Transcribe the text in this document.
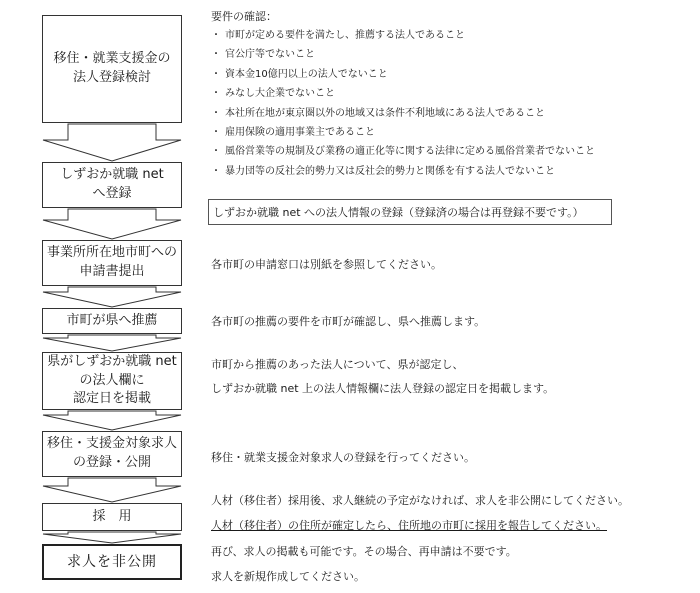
移住・就業支援金の
法人登録検討
しずおか就職 net
へ登録
事業所所在地市町への
申請書提出
市町が県へ推薦
県がしずおか就職 net
の法人欄に
認定日を掲載
移住・支援金対象求人
の登録・公開
採　用
求人を非公開
要件の確認：
・ 市町が定める要件を満たし、推薦する法人であること
・ 官公庁等でないこと
・ 資本金10億円以上の法人でないこと
・ みなし大企業でないこと
・ 本社所在地が東京圏以外の地域又は条件不利地域にある法人であること
・ 雇用保険の適用事業主であること
・ 風俗営業等の規制及び業務の適正化等に関する法律に定める風俗営業者でないこと
・ 暴力団等の反社会的勢力又は反社会的勢力と関係を有する法人でないこと
しずおか就職 net への法人情報の登録（登録済の場合は再登録不要です。）
各市町の申請窓口は別紙を参照してください。
各市町の推薦の要件を市町が確認し、県へ推薦します。
市町から推薦のあった法人について、県が認定し、
しずおか就職 net 上の法人情報欄に法人登録の認定日を掲載します。
移住・就業支援金対象求人の登録を行ってください。
人材（移住者）採用後、求人継続の予定がなければ、求人を非公開にしてください。
人材（移住者）の住所が確定したら、住所地の市町に採用を報告してください。
再び、求人の掲載も可能です。その場合、再申請は不要です。
求人を新規作成してください。
